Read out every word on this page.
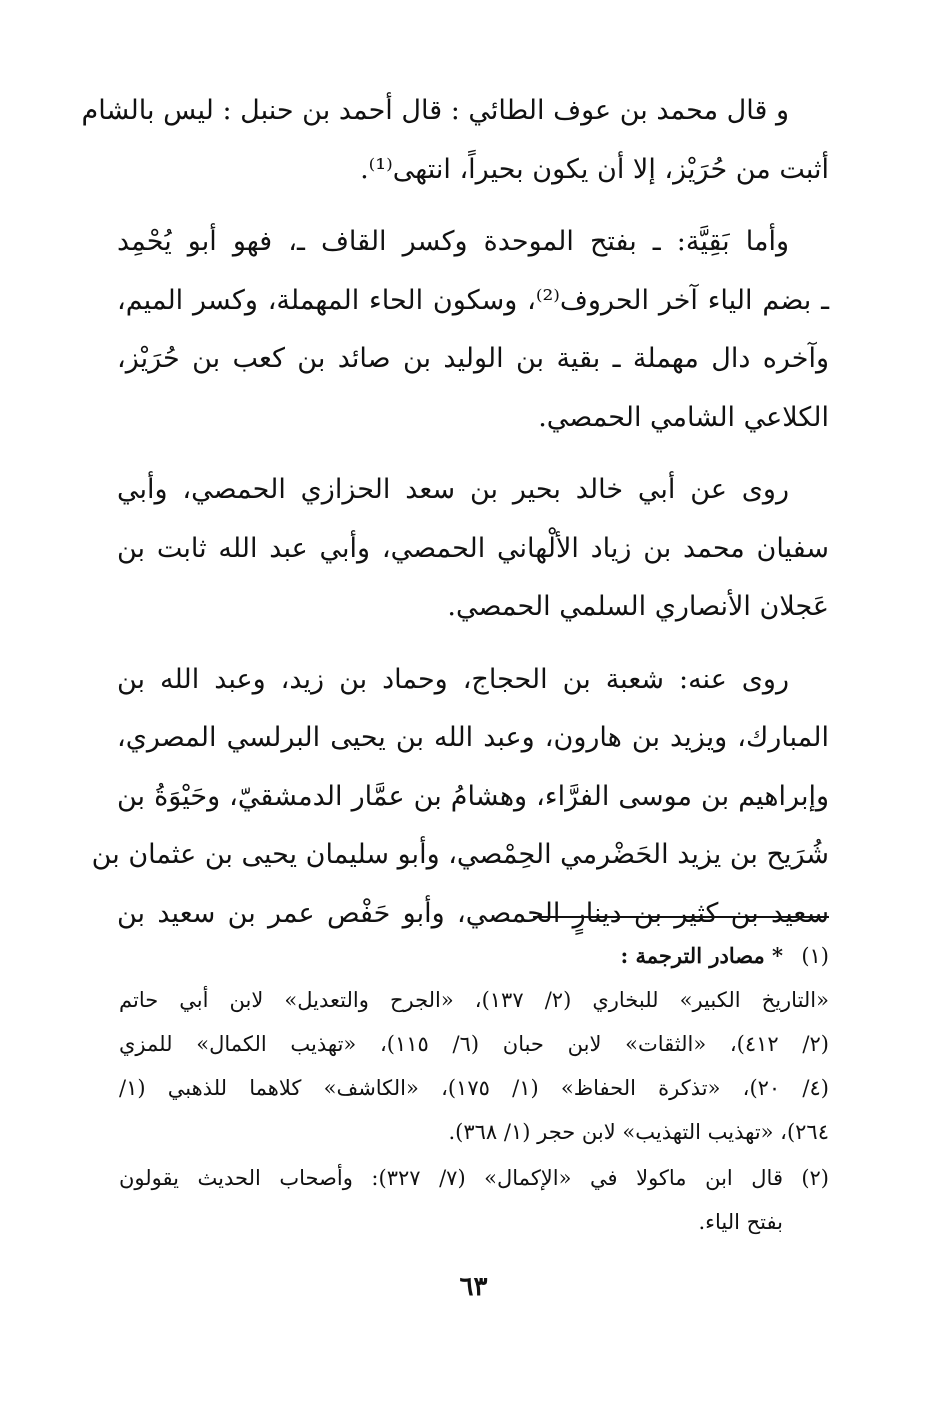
و قال محمد بن عوف الطائي : قال أحمد بن حنبل : ليس بالشام
أثبت من حُرَيْز، إلا أن يكون بحيراً، انتهى⁽¹⁾.
وأما بَقِيَّة: ـ بفتح الموحدة وكسر القاف ـ، فهو أبو يُحْمِد
ـ بضم الياء آخر الحروف⁽²⁾، وسكون الحاء المهملة، وكسر الميم،
وآخره دال مهملة ـ بقية بن الوليد بن صائد بن كعب بن حُرَيْز،
الكلاعي الشامي الحمصي.
روى عن أبي خالد بحير بن سعد الحزازي الحمصي، وأبي
سفيان محمد بن زياد الألْهاني الحمصي، وأبي عبد الله ثابت بن
عَجلان الأنصاري السلمي الحمصي.
روى عنه: شعبة بن الحجاج، وحماد بن زيد، وعبد الله بن
المبارك، ويزيد بن هارون، وعبد الله بن يحيى البرلسي المصري،
وإبراهيم بن موسى الفرَّاء، وهشامُ بن عمَّار الدمشقيّ، وحَيْوَةُ بن
شُرَيح بن يزيد الحَضْرمي الحِمْصي، وأبو سليمان يحيى بن عثمان بن
سعيد بن كثير بن دينارٍ الحمصي، وأبو حَفْص عمر بن سعيد بن
(١)
* مصادر الترجمة :
«التاريخ الكبير» للبخاري (٢/ ١٣٧)، «الجرح والتعديل» لابن أبي حاتم
(٢/ ٤١٢)، «الثقات» لابن حبان (٦/ ١١٥)، «تهذيب الكمال» للمزي
(٤/ ٢٠)، «تذكرة الحفاظ» (١/ ١٧٥)، «الكاشف» كلاهما للذهبي (١/
٢٦٤)، «تهذيب التهذيب» لابن حجر (١/ ٣٦٨).
(٢)
قال ابن ماكولا في «الإكمال» (٧/ ٣٢٧): وأصحاب الحديث يقولون
بفتح الياء.
٦٣
